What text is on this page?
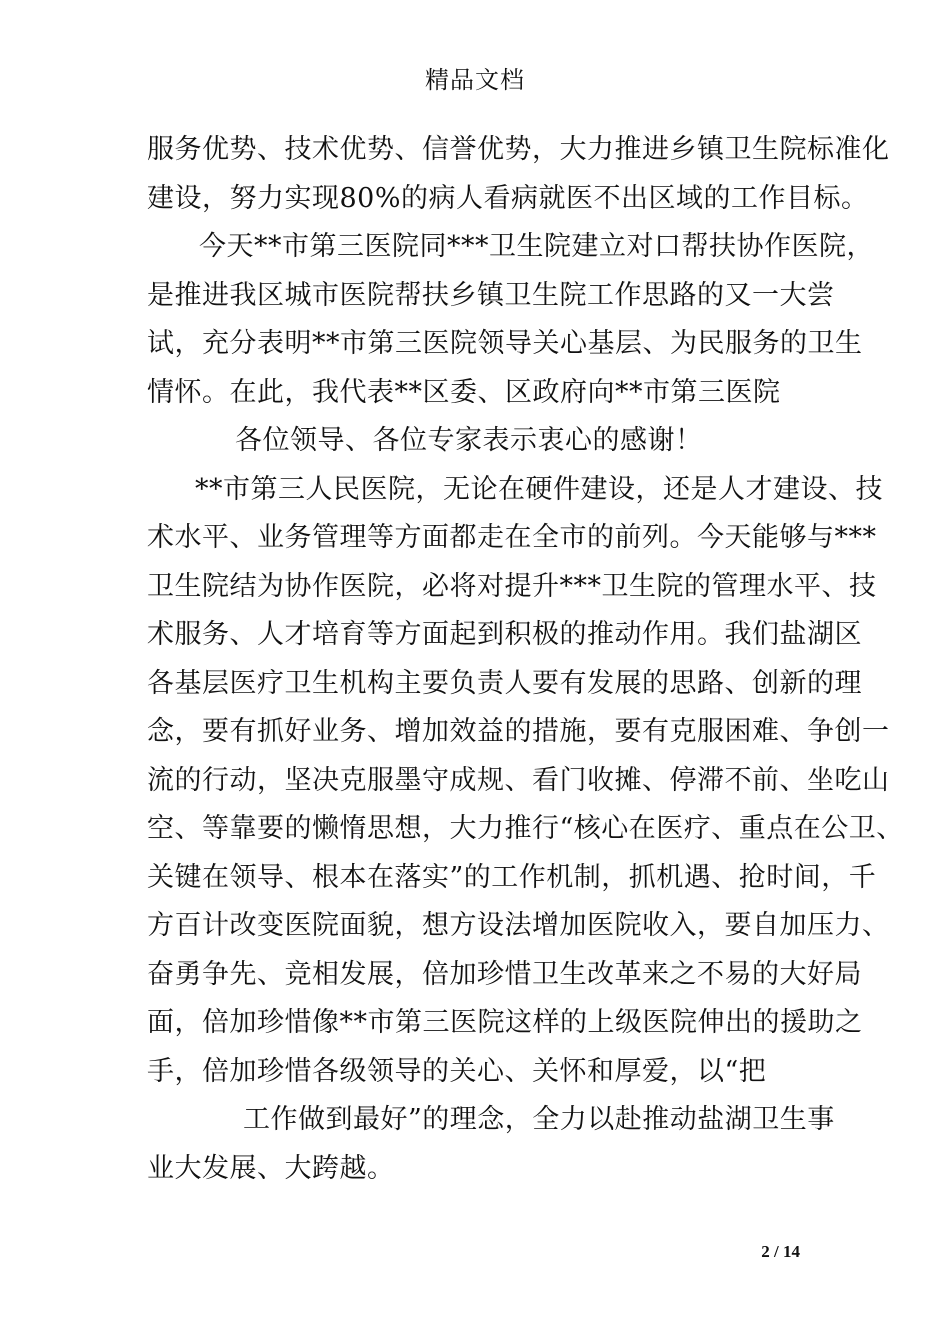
精品文档
服务优势、技术优势、信誉优势，大力推进乡镇卫生院标准化
建设，努力实现80%的病人看病就医不出区域的工作目标。
今天**市第三医院同***卫生院建立对口帮扶协作医院，
是推进我区城市医院帮扶乡镇卫生院工作思路的又一大尝
试，充分表明**市第三医院领导关心基层、为民服务的卫生
情怀。在此，我代表**区委、区政府向**市第三医院
各位领导、各位专家表示衷心的感谢！
**市第三人民医院，无论在硬件建设，还是人才建设、技
术水平、业务管理等方面都走在全市的前列。今天能够与***
卫生院结为协作医院，必将对提升***卫生院的管理水平、技
术服务、人才培育等方面起到积极的推动作用。我们盐湖区
各基层医疗卫生机构主要负责人要有发展的思路、创新的理
念，要有抓好业务、增加效益的措施，要有克服困难、争创一
流的行动，坚决克服墨守成规、看门收摊、停滞不前、坐吃山
空、等靠要的懒惰思想，大力推行“核心在医疗、重点在公卫、
关键在领导、根本在落实”的工作机制，抓机遇、抢时间，千
方百计改变医院面貌，想方设法增加医院收入，要自加压力、
奋勇争先、竞相发展，倍加珍惜卫生改革来之不易的大好局
面，倍加珍惜像**市第三医院这样的上级医院伸出的援助之
手，倍加珍惜各级领导的关心、关怀和厚爱，以“把
工作做到最好”的理念，全力以赴推动盐湖卫生事
业大发展、大跨越。
2 / 14
